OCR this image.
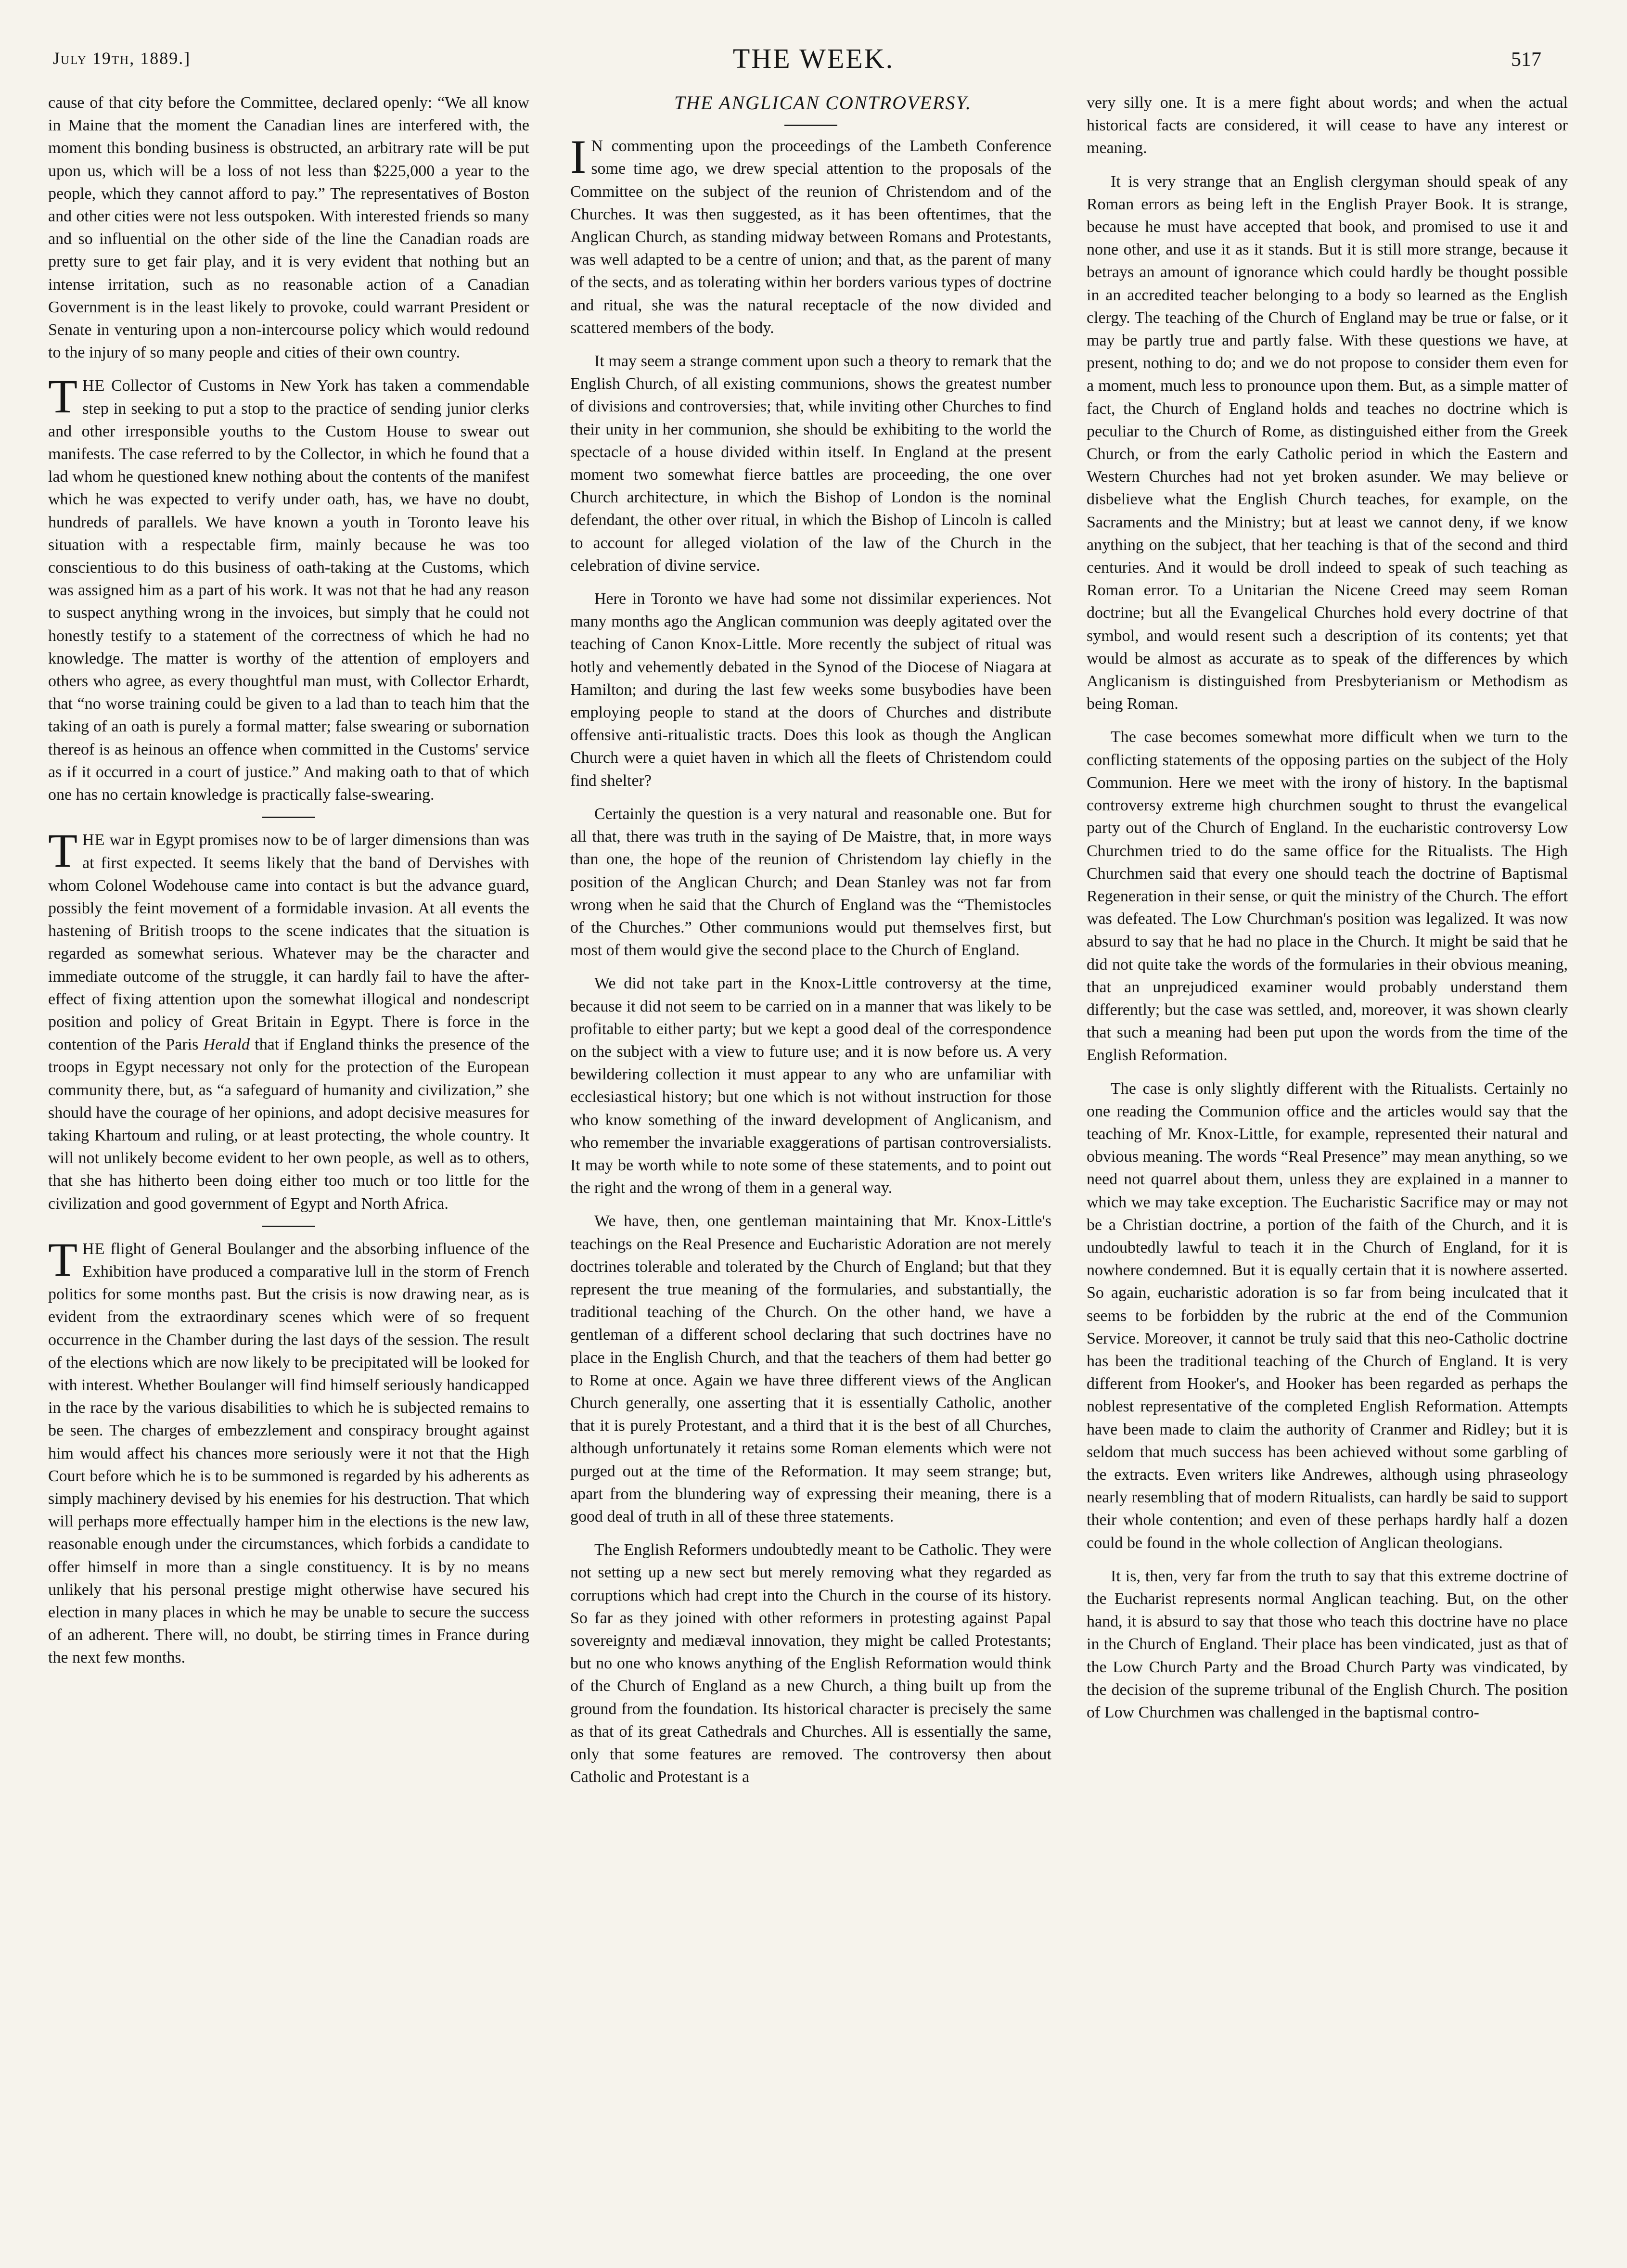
July 19th, 1889.]	THE WEEK.	517

cause of that city before the Committee, declared openly: “We all know in Maine that the moment the Canadian lines are interfered with, the moment this bonding business is obstructed, an arbitrary rate will be put upon us, which will be a loss of not less than $225,000 a year to the people, which they cannot afford to pay.” The representatives of Boston and other cities were not less outspoken. With interested friends so many and so influential on the other side of the line the Canadian roads are pretty sure to get fair play, and it is very evident that nothing but an intense irritation, such as no reasonable action of a Canadian Government is in the least likely to provoke, could warrant President or Senate in venturing upon a non-intercourse policy which would redound to the injury of so many people and cities of their own country.

THE Collector of Customs in New York has taken a commendable step in seeking to put a stop to the practice of sending junior clerks and other irresponsible youths to the Custom House to swear out manifests. The case referred to by the Collector, in which he found that a lad whom he questioned knew nothing about the contents of the manifest which he was expected to verify under oath, has, we have no doubt, hundreds of parallels. We have known a youth in Toronto leave his situation with a respectable firm, mainly because he was too conscientious to do this business of oath-taking at the Customs, which was assigned him as a part of his work. It was not that he had any reason to suspect anything wrong in the invoices, but simply that he could not honestly testify to a statement of the correctness of which he had no knowledge. The matter is worthy of the attention of employers and others who agree, as every thoughtful man must, with Collector Erhardt, that “no worse training could be given to a lad than to teach him that the taking of an oath is purely a formal matter; false swearing or subornation thereof is as heinous an offence when committed in the Customs' service as if it occurred in a court of justice.” And making oath to that of which one has no certain knowledge is practically false-swearing.

THE war in Egypt promises now to be of larger dimensions than was at first expected. It seems likely that the band of Dervishes with whom Colonel Wodehouse came into contact is but the advance guard, possibly the feint movement of a formidable invasion. At all events the hastening of British troops to the scene indicates that the situation is regarded as somewhat serious. Whatever may be the character and immediate outcome of the struggle, it can hardly fail to have the after-effect of fixing attention upon the somewhat illogical and nondescript position and policy of Great Britain in Egypt. There is force in the contention of the Paris Herald that if England thinks the presence of the troops in Egypt necessary not only for the protection of the European community there, but, as “a safeguard of humanity and civilization,” she should have the courage of her opinions, and adopt decisive measures for taking Khartoum and ruling, or at least protecting, the whole country. It will not unlikely become evident to her own people, as well as to others, that she has hitherto been doing either too much or too little for the civilization and good government of Egypt and North Africa.

THE flight of General Boulanger and the absorbing influence of the Exhibition have produced a comparative lull in the storm of French politics for some months past. But the crisis is now drawing near, as is evident from the extraordinary scenes which were of so frequent occurrence in the Chamber during the last days of the session. The result of the elections which are now likely to be precipitated will be looked for with interest. Whether Boulanger will find himself seriously handicapped in the race by the various disabilities to which he is subjected remains to be seen. The charges of embezzlement and conspiracy brought against him would affect his chances more seriously were it not that the High Court before which he is to be summoned is regarded by his adherents as simply machinery devised by his enemies for his destruction. That which will perhaps more effectually hamper him in the elections is the new law, reasonable enough under the circumstances, which forbids a candidate to offer himself in more than a single constituency. It is by no means unlikely that his personal prestige might otherwise have secured his election in many places in which he may be unable to secure the success of an adherent. There will, no doubt, be stirring times in France during the next few months.

THE ANGLICAN CONTROVERSY.

I N commenting upon the proceedings of the Lambeth Conference some time ago, we drew special attention to the proposals of the Committee on the subject of the reunion of Christendom and of the Churches. It was then suggested, as it has been oftentimes, that the Anglican Church, as standing midway between Romans and Protestants, was well adapted to be a centre of union; and that, as the parent of many of the sects, and as tolerating within her borders various types of doctrine and ritual, she was the natural receptacle of the now divided and scattered members of the body.

It may seem a strange comment upon such a theory to remark that the English Church, of all existing communions, shows the greatest number of divisions and controversies; that, while inviting other Churches to find their unity in her communion, she should be exhibiting to the world the spectacle of a house divided within itself. In England at the present moment two somewhat fierce battles are proceeding, the one over Church architecture, in which the Bishop of London is the nominal defendant, the other over ritual, in which the Bishop of Lincoln is called to account for alleged violation of the law of the Church in the celebration of divine service.

Here in Toronto we have had some not dissimilar experiences. Not many months ago the Anglican communion was deeply agitated over the teaching of Canon Knox-Little. More recently the subject of ritual was hotly and vehemently debated in the Synod of the Diocese of Niagara at Hamilton; and during the last few weeks some busybodies have been employing people to stand at the doors of Churches and distribute offensive anti-ritualistic tracts. Does this look as though the Anglican Church were a quiet haven in which all the fleets of Christendom could find shelter?

Certainly the question is a very natural and reasonable one. But for all that, there was truth in the saying of De Maistre, that, in more ways than one, the hope of the reunion of Christendom lay chiefly in the position of the Anglican Church; and Dean Stanley was not far from wrong when he said that the Church of England was the “Themistocles of the Churches.” Other communions would put themselves first, but most of them would give the second place to the Church of England.

We did not take part in the Knox-Little controversy at the time, because it did not seem to be carried on in a manner that was likely to be profitable to either party; but we kept a good deal of the correspondence on the subject with a view to future use; and it is now before us. A very bewildering collection it must appear to any who are unfamiliar with ecclesiastical history; but one which is not without instruction for those who know something of the inward development of Anglicanism, and who remember the invariable exaggerations of partisan controversialists. It may be worth while to note some of these statements, and to point out the right and the wrong of them in a general way.

We have, then, one gentleman maintaining that Mr. Knox-Little's teachings on the Real Presence and Eucharistic Adoration are not merely doctrines tolerable and tolerated by the Church of England; but that they represent the true meaning of the formularies, and substantially, the traditional teaching of the Church. On the other hand, we have a gentleman of a different school declaring that such doctrines have no place in the English Church, and that the teachers of them had better go to Rome at once. Again we have three different views of the Anglican Church generally, one asserting that it is essentially Catholic, another that it is purely Protestant, and a third that it is the best of all Churches, although unfortunately it retains some Roman elements which were not purged out at the time of the Reformation. It may seem strange; but, apart from the blundering way of expressing their meaning, there is a good deal of truth in all of these three statements.

The English Reformers undoubtedly meant to be Catholic. They were not setting up a new sect but merely removing what they regarded as corruptions which had crept into the Church in the course of its history. So far as they joined with other reformers in protesting against Papal sovereignty and mediæval innovation, they might be called Protestants; but no one who knows anything of the English Reformation would think of the Church of England as a new Church, a thing built up from the ground from the foundation. Its historical character is precisely the same as that of its great Cathedrals and Churches. All is essentially the same, only that some features are removed. The controversy then about Catholic and Protestant is a

very silly one. It is a mere fight about words; and when the actual historical facts are considered, it will cease to have any interest or meaning.

It is very strange that an English clergyman should speak of any Roman errors as being left in the English Prayer Book. It is strange, because he must have accepted that book, and promised to use it and none other, and use it as it stands. But it is still more strange, because it betrays an amount of ignorance which could hardly be thought possible in an accredited teacher belonging to a body so learned as the English clergy. The teaching of the Church of England may be true or false, or it may be partly true and partly false. With these questions we have, at present, nothing to do; and we do not propose to consider them even for a moment, much less to pronounce upon them. But, as a simple matter of fact, the Church of England holds and teaches no doctrine which is peculiar to the Church of Rome, as distinguished either from the Greek Church, or from the early Catholic period in which the Eastern and Western Churches had not yet broken asunder. We may believe or disbelieve what the English Church teaches, for example, on the Sacraments and the Ministry; but at least we cannot deny, if we know anything on the subject, that her teaching is that of the second and third centuries. And it would be droll indeed to speak of such teaching as Roman error. To a Unitarian the Nicene Creed may seem Roman doctrine; but all the Evangelical Churches hold every doctrine of that symbol, and would resent such a description of its contents; yet that would be almost as accurate as to speak of the differences by which Anglicanism is distinguished from Presbyterianism or Methodism as being Roman.

The case becomes somewhat more difficult when we turn to the conflicting statements of the opposing parties on the subject of the Holy Communion. Here we meet with the irony of history. In the baptismal controversy extreme high churchmen sought to thrust the evangelical party out of the Church of England. In the eucharistic controversy Low Churchmen tried to do the same office for the Ritualists. The High Churchmen said that every one should teach the doctrine of Baptismal Regeneration in their sense, or quit the ministry of the Church. The effort was defeated. The Low Churchman's position was legalized. It was now absurd to say that he had no place in the Church. It might be said that he did not quite take the words of the formularies in their obvious meaning, that an unprejudiced examiner would probably understand them differently; but the case was settled, and, moreover, it was shown clearly that such a meaning had been put upon the words from the time of the English Reformation.

The case is only slightly different with the Ritualists. Certainly no one reading the Communion office and the articles would say that the teaching of Mr. Knox-Little, for example, represented their natural and obvious meaning. The words “Real Presence” may mean anything, so we need not quarrel about them, unless they are explained in a manner to which we may take exception. The Eucharistic Sacrifice may or may not be a Christian doctrine, a portion of the faith of the Church, and it is undoubtedly lawful to teach it in the Church of England, for it is nowhere condemned. But it is equally certain that it is nowhere asserted. So again, eucharistic adoration is so far from being inculcated that it seems to be forbidden by the rubric at the end of the Communion Service. Moreover, it cannot be truly said that this neo-Catholic doctrine has been the traditional teaching of the Church of England. It is very different from Hooker's, and Hooker has been regarded as perhaps the noblest representative of the completed English Reformation. Attempts have been made to claim the authority of Cranmer and Ridley; but it is seldom that much success has been achieved without some garbling of the extracts. Even writers like Andrewes, although using phraseology nearly resembling that of modern Ritualists, can hardly be said to support their whole contention; and even of these perhaps hardly half a dozen could be found in the whole collection of Anglican theologians.

It is, then, very far from the truth to say that this extreme doctrine of the Eucharist represents normal Anglican teaching. But, on the other hand, it is absurd to say that those who teach this doctrine have no place in the Church of England. Their place has been vindicated, just as that of the Low Church Party and the Broad Church Party was vindicated, by the decision of the supreme tribunal of the English Church. The position of Low Churchmen was challenged in the baptismal contro-
